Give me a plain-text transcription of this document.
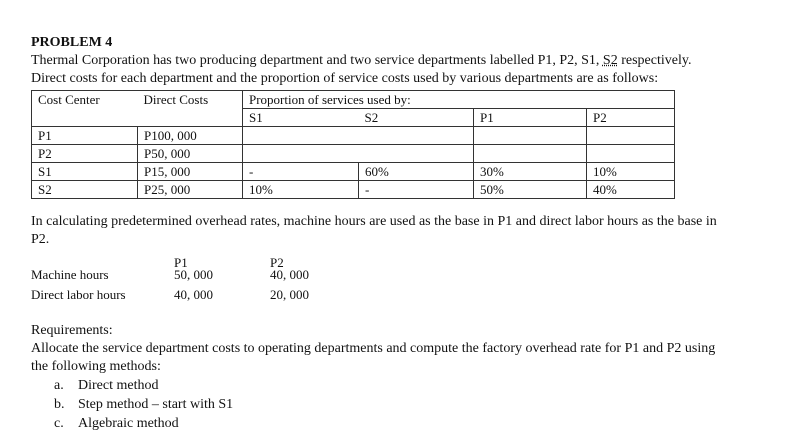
PROBLEM 4
Thermal Corporation has two producing department and two service departments labelled P1, P2, S1, S2 respectively.
Direct costs for each department and the proportion of service costs used by various departments are as follows:
Cost Center	Direct Costs	Proportion of services used by:			
		S1	S2	P1	P2
P1	P100, 000				
P2	P50, 000				
S1	P15, 000	-	60%	30%	10%
S2	P25, 000	10%	-	50%	40%
In calculating predetermined overhead rates, machine hours are used as the base in P1 and direct labor hours as the base in
P2.
P1	P2
Machine hours	50, 000	40, 000
Direct labor hours	40, 000	20, 000
Requirements:
Allocate the service department costs to operating departments and compute the factory overhead rate for P1 and P2 using
the following methods:
a. Direct method
b. Step method – start with S1
c. Algebraic method
